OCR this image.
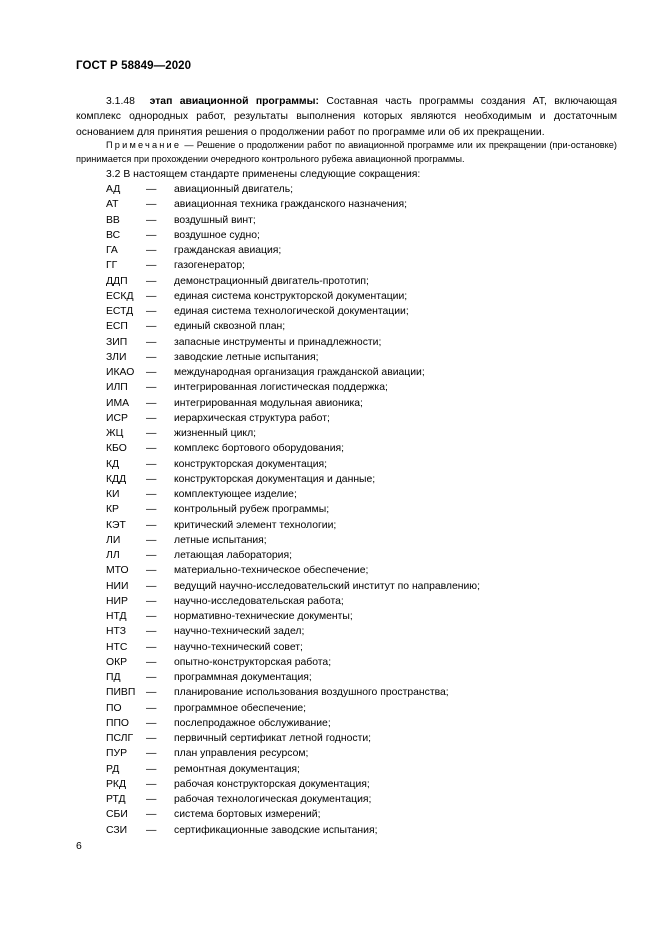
ГОСТ Р 58849—2020
3.1.48 этап авиационной программы: Составная часть программы создания АТ, включающая комплекс однородных работ, результаты выполнения которых являются необходимым и достаточным основанием для принятия решения о продолжении работ по программе или об их прекращении.
Примечание — Решение о продолжении работ по авиационной программе или их прекращении (при-остановке) принимается при прохождении очередного контрольного рубежа авиационной программы.
3.2 В настоящем стандарте применены следующие сокращения:
АД — авиационный двигатель;
АТ	— авиационная техника гражданского назначения;
ВВ	— воздушный винт;
ВС — воздушное судно;
ГА	— гражданская авиация;
ГГ	— газогенератор;
ДДП — демонстрационный двигатель-прототип;
ЕСКД — единая система конструкторской документации;
ЕСТД — единая система технологической документации;
ЕСП — единый сквозной план;
ЗИП — запасные инструменты и принадлежности;
ЗЛИ — заводские летные испытания;
ИКАО — международная организация гражданской авиации;
ИЛП — интегрированная логистическая поддержка;
ИМА — интегрированная модульная авионика;
ИСР — иерархическая структура работ;
ЖЦ — жизненный цикл;
КБО — комплекс бортового оборудования;
КД	— конструкторская документация;
КДД — конструкторская документация и данные;
КИ	— комплектующее изделие;
КР	— контрольный рубеж программы;
КЭТ — критический элемент технологии;
ЛИ — летные испытания;
ЛЛ	— летающая лаборатория;
МТО — материально-техническое обеспечение;
НИИ — ведущий научно-исследовательский институт по направлению;
НИР — научно-исследовательская работа;
НТД — нормативно-технические документы;
НТЗ — научно-технический задел;
НТС — научно-технический совет;
ОКР — опытно-конструкторская работа;
ПД — программная документация;
ПИВП — планирование использования воздушного пространства;
ПО — программное обеспечение;
ППО — послепродажное обслуживание;
ПСЛГ — первичный сертификат летной годности;
ПУР — план управления ресурсом;
РД	— ремонтная документация;
РКД — рабочая конструкторская документация;
РТД — рабочая технологическая документация;
СБИ — система бортовых измерений;
СЗИ — сертификационные заводские испытания;
6
